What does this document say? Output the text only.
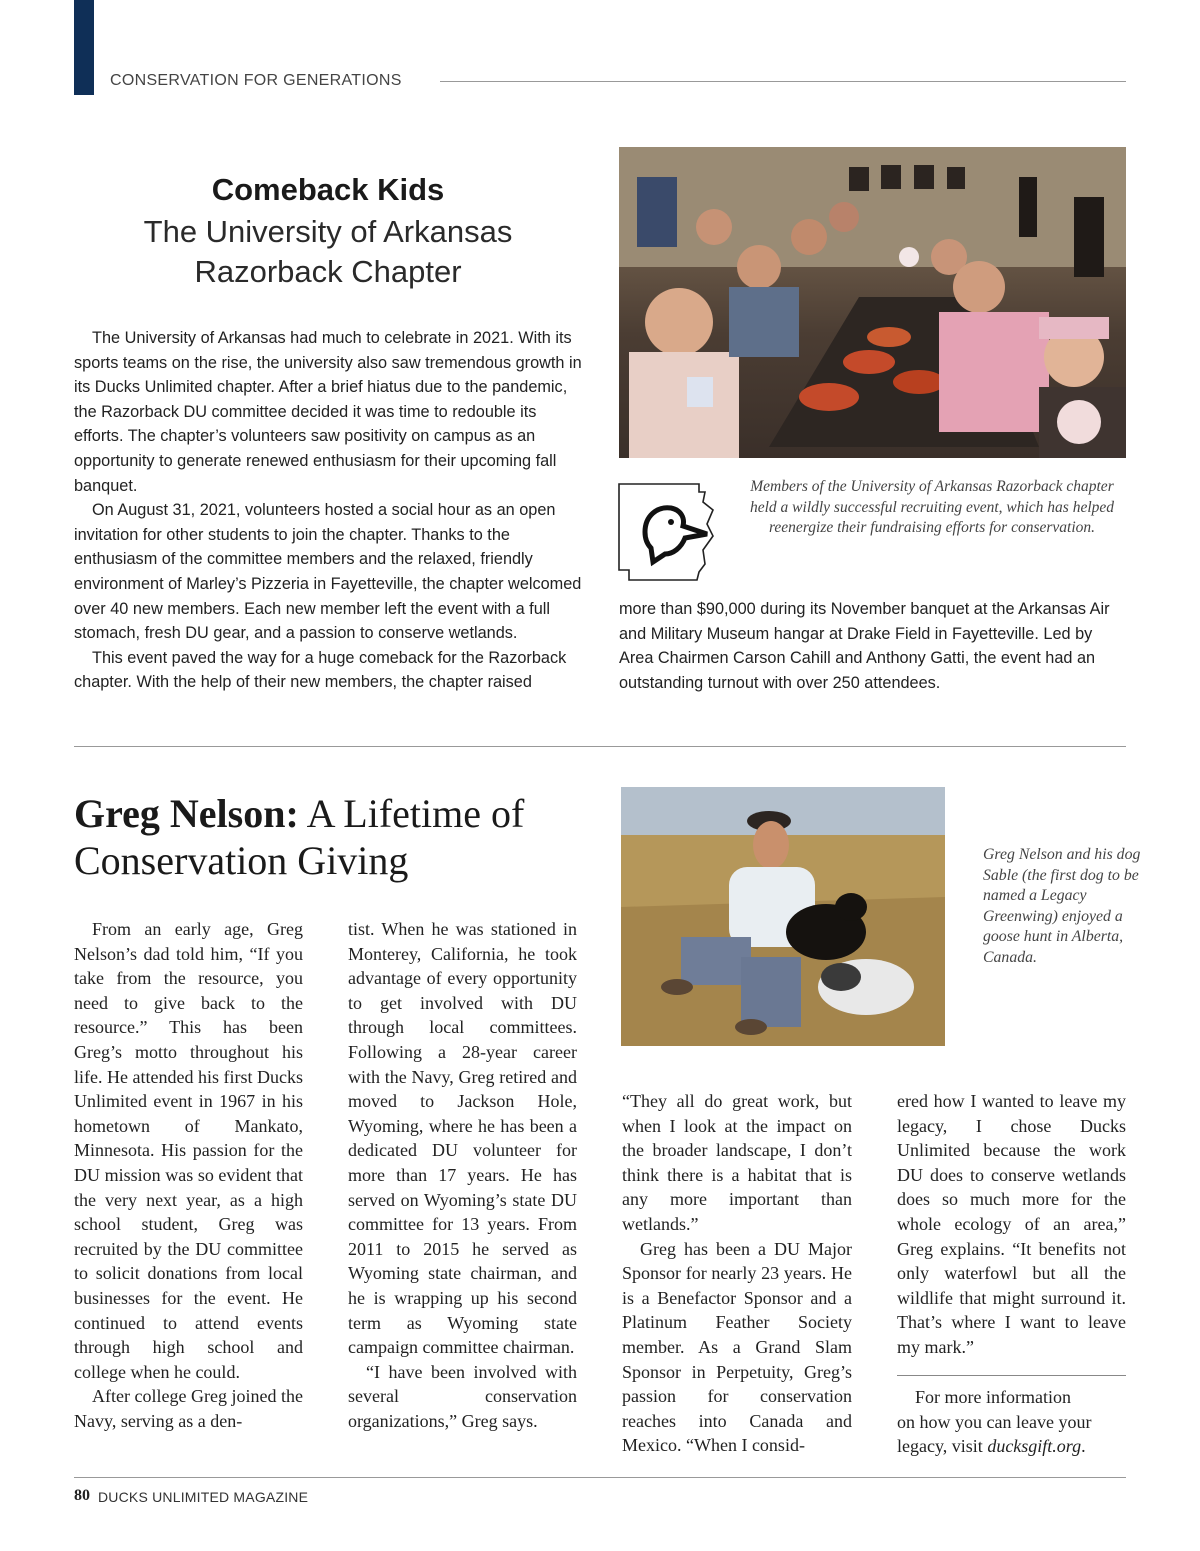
CONSERVATION FOR GENERATIONS
Comeback Kids
The University of Arkansas
Razorback Chapter

The University of Arkansas had much to celebrate in 2021. With its sports teams on the rise, the university also saw tremendous growth in its Ducks Unlimited chapter. After a brief hiatus due to the pandemic, the Razorback DU committee decided it was time to redouble its efforts. The chapter’s volunteers saw positivity on campus as an opportunity to generate renewed enthusiasm for their upcoming fall banquet.

On August 31, 2021, volunteers hosted a social hour as an open invitation for other students to join the chapter. Thanks to the enthusiasm of the committee members and the relaxed, friendly environment of Marley’s Pizzeria in Fayetteville, the chapter welcomed over 40 new members. Each new member left the event with a full stomach, fresh DU gear, and a passion to conserve wetlands.

This event paved the way for a huge comeback for the Razorback chapter. With the help of their new members, the chapter raised

Members of the University of Arkansas Razorback chapter held a wildly successful recruiting event, which has helped reenergize their fundraising efforts for conservation.

more than $90,000 during its November banquet at the Arkansas Air and Military Museum hangar at Drake Field in Fayetteville. Led by Area Chairmen Carson Cahill and Anthony Gatti, the event had an outstanding turnout with over 250 attendees.

Greg Nelson: A Lifetime of Conservation Giving	Greg Nelson and his dog Sable (the first dog to be named a Legacy Greenwing) enjoyed a goose hunt in Alberta, Canada.

From an early age, Greg Nelson’s dad told him, “If you take from the resource, you need to give back to the resource.” This has been Greg’s motto throughout his life. He attended his first Ducks Unlimited event in 1967 in his hometown of Mankato, Minnesota. His passion for the DU mission was so evident that the very next year, as a high school student, Greg was recruited by the DU committee to solicit donations from local businesses for the event. He continued to attend events through high school and college when he could.

After college Greg joined the Navy, serving as a den-

tist. When he was stationed in Monterey, California, he took advantage of every opportunity to get involved with DU through local committees. Following a 28-year career with the Navy, Greg retired and moved to Jackson Hole, Wyoming, where he has been a dedicated DU volunteer for more than 17 years. He has served on Wyoming’s state DU committee for 13 years. From 2011 to 2015 he served as Wyoming state chairman, and he is wrapping up his second term as Wyoming state campaign committee chairman.

“I have been involved with several conservation organizations,” Greg says.

“They all do great work, but when I look at the impact on the broader landscape, I don’t think there is a habitat that is any more important than wetlands.”

Greg has been a DU Major Sponsor for nearly 23 years. He is a Benefactor Sponsor and a Platinum Feather Society member. As a Grand Slam Sponsor in Perpetuity, Greg’s passion for conservation reaches into Canada and Mexico. “When I consid-

ered how I wanted to leave my legacy, I chose Ducks Unlimited because the work DU does to conserve wetlands does so much more for the whole ecology of an area,” Greg explains. “It benefits not only waterfowl but all the wildlife that might surround it. That’s where I want to leave my mark.”

For more information
on how you can leave your legacy, visit ducksgift.org.
80 DUCKS UNLIMITED MAGAZINE
